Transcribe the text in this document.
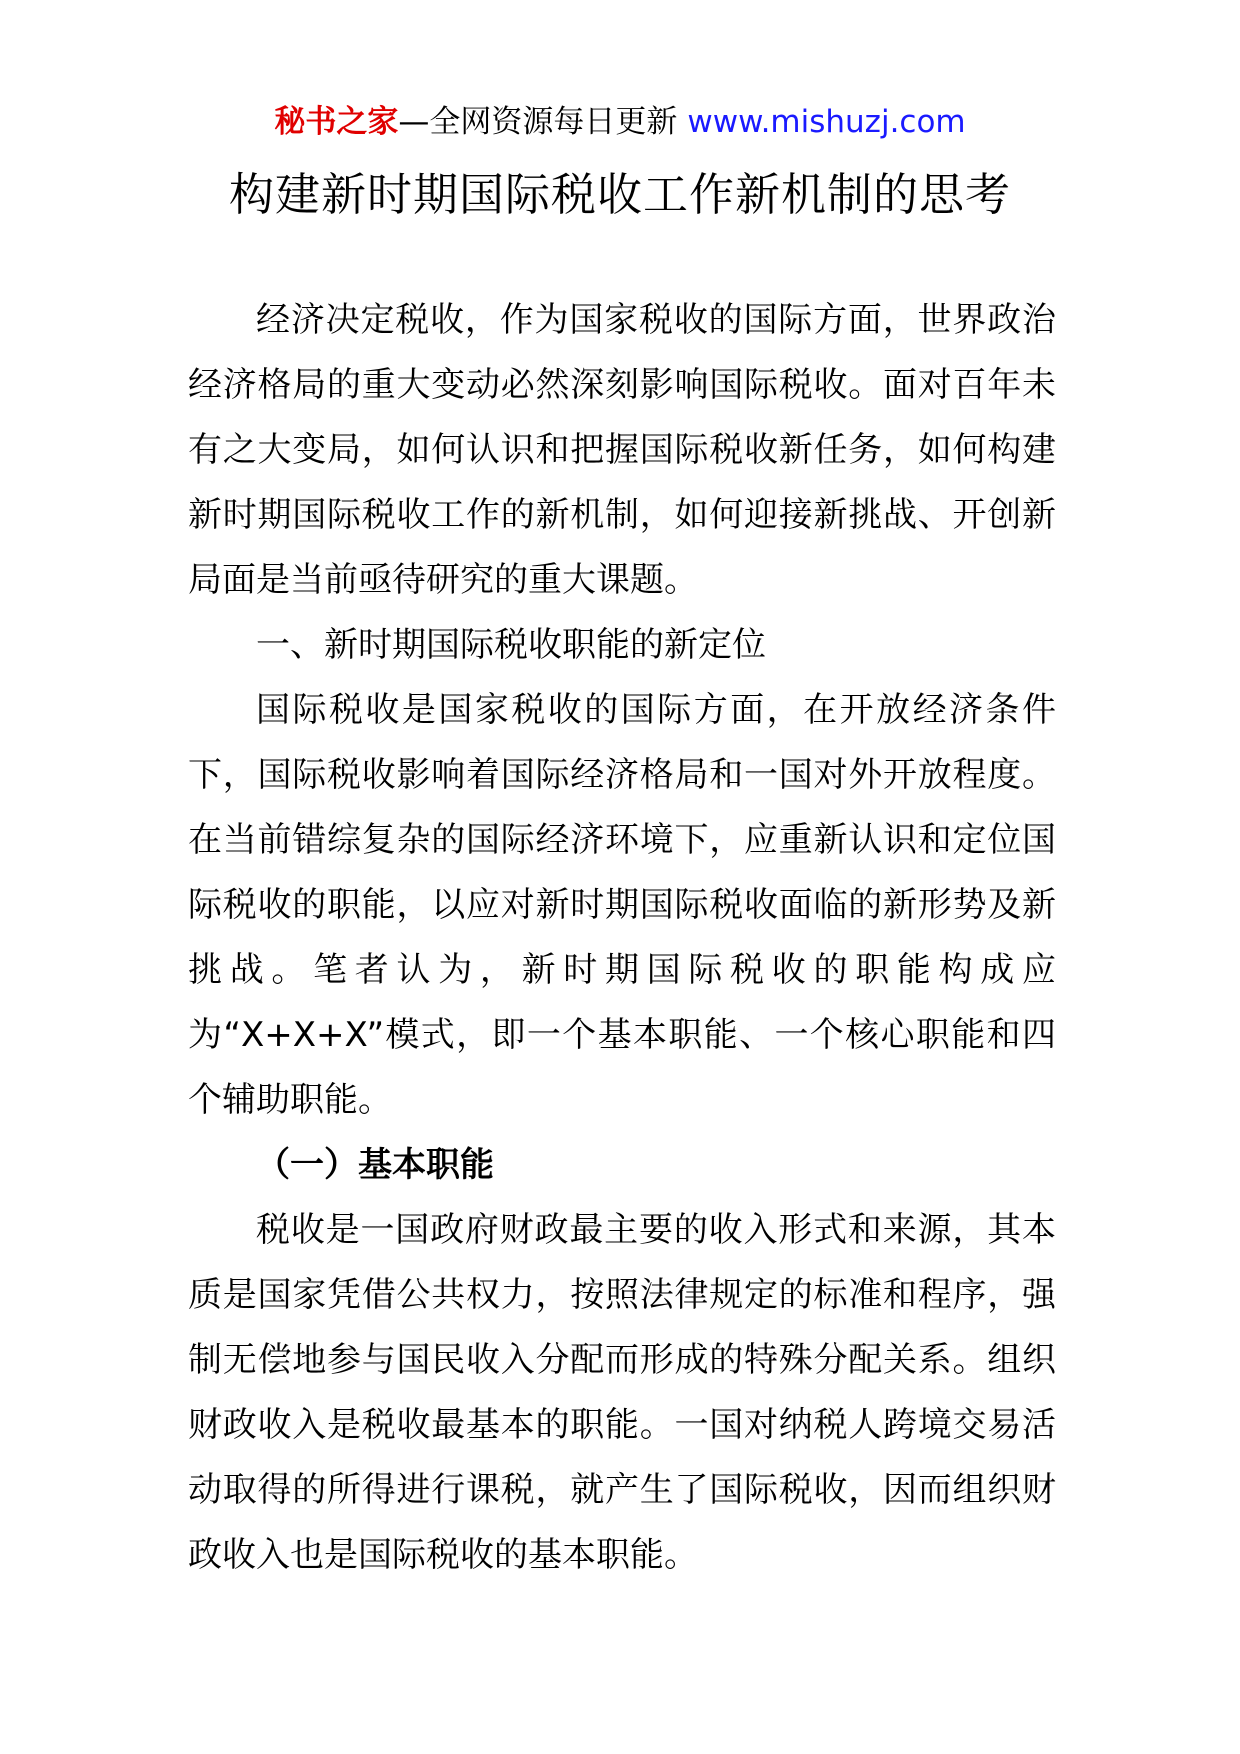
秘书之家—全网资源每日更新 www.mishuzj.com
构建新时期国际税收工作新机制的思考

经济决定税收，作为国家税收的国际方面，世界政治经济格局的重大变动必然深刻影响国际税收。面对百年未有之大变局，如何认识和把握国际税收新任务，如何构建新时期国际税收工作的新机制，如何迎接新挑战、开创新局面是当前亟待研究的重大课题。

一、新时期国际税收职能的新定位

国际税收是国家税收的国际方面，在开放经济条件下，国际税收影响着国际经济格局和一国对外开放程度。在当前错综复杂的国际经济环境下，应重新认识和定位国际税收的职能，以应对新时期国际税收面临的新形势及新挑战。笔者认为，新时期国际税收的职能构成应为“X+X+X”模式，即一个基本职能、一个核心职能和四个辅助职能。

（一）基本职能

税收是一国政府财政最主要的收入形式和来源，其本质是国家凭借公共权力，按照法律规定的标准和程序，强制无偿地参与国民收入分配而形成的特殊分配关系。组织财政收入是税收最基本的职能。一国对纳税人跨境交易活动取得的所得进行课税，就产生了国际税收，因而组织财政收入也是国际税收的基本职能。
